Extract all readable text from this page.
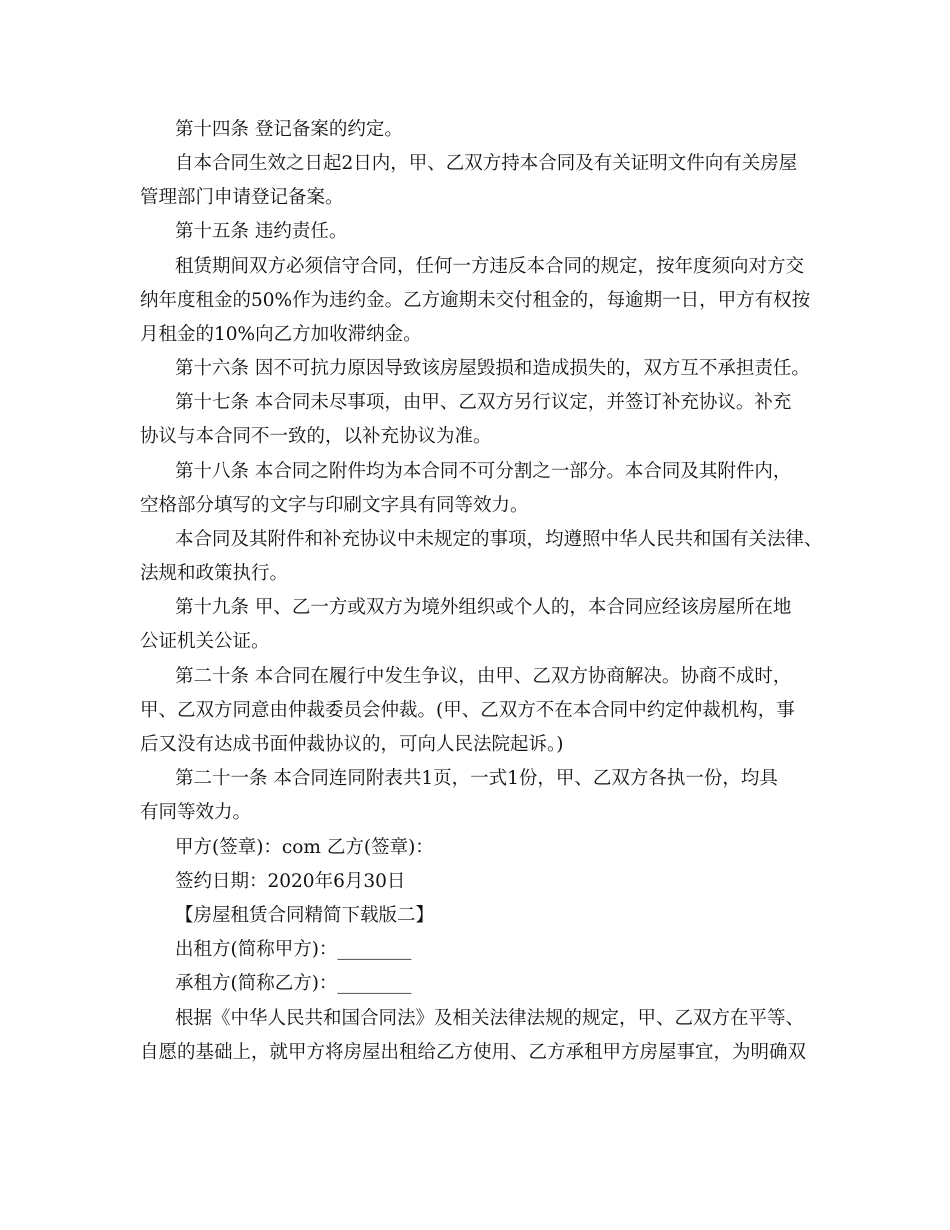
第十四条 登记备案的约定。
自本合同生效之日起2日内，甲、乙双方持本合同及有关证明文件向有关房屋
管理部门申请登记备案。
第十五条 违约责任。
租赁期间双方必须信守合同，任何一方违反本合同的规定，按年度须向对方交
纳年度租金的50%作为违约金。乙方逾期未交付租金的，每逾期一日，甲方有权按
月租金的10%向乙方加收滞纳金。
第十六条 因不可抗力原因导致该房屋毁损和造成损失的，双方互不承担责任。
第十七条 本合同未尽事项，由甲、乙双方另行议定，并签订补充协议。补充
协议与本合同不一致的，以补充协议为准。
第十八条 本合同之附件均为本合同不可分割之一部分。本合同及其附件内，
空格部分填写的文字与印刷文字具有同等效力。
本合同及其附件和补充协议中未规定的事项，均遵照中华人民共和国有关法律、
法规和政策执行。
第十九条 甲、乙一方或双方为境外组织或个人的，本合同应经该房屋所在地
公证机关公证。
第二十条 本合同在履行中发生争议，由甲、乙双方协商解决。协商不成时，
甲、乙双方同意由仲裁委员会仲裁。(甲、乙双方不在本合同中约定仲裁机构，事
后又没有达成书面仲裁协议的，可向人民法院起诉。)
第二十一条 本合同连同附表共1页，一式1份，甲、乙双方各执一份，均具
有同等效力。
甲方(签章)：com 乙方(签章)：
签约日期：2020年6月30日
【房屋租赁合同精简下载版二】
出租方(简称甲方)：________
承租方(简称乙方)：________
根据《中华人民共和国合同法》及相关法律法规的规定，甲、乙双方在平等、
自愿的基础上，就甲方将房屋出租给乙方使用、乙方承租甲方房屋事宜，为明确双
